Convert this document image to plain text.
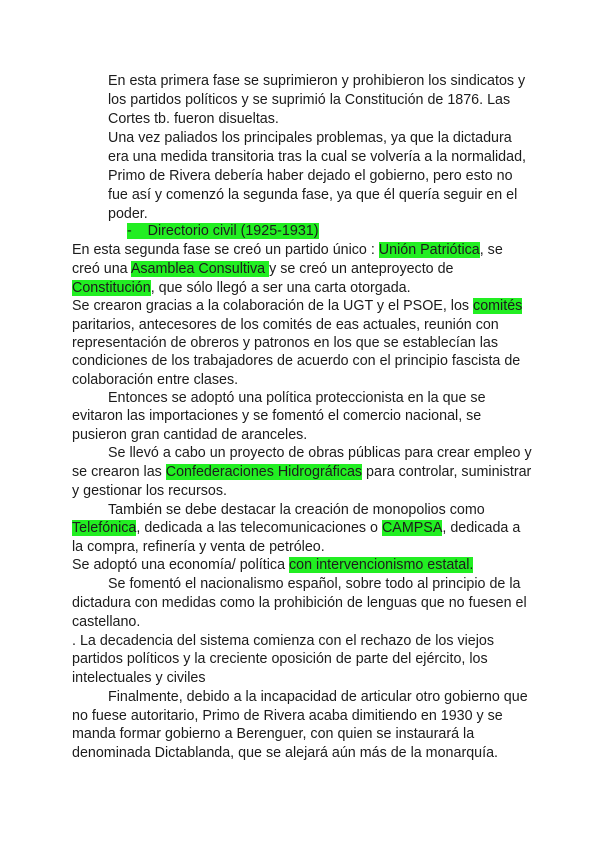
En esta primera fase se suprimieron y prohibieron los sindicatos y
los partidos políticos y se suprimió la Constitución de 1876. Las
Cortes tb. fueron disueltas.
Una vez paliados los principales problemas, ya que la dictadura
era una medida transitoria tras la cual se volvería a la normalidad,
Primo de Rivera debería haber dejado el gobierno, pero esto no
fue así y comenzó la segunda fase, ya que él quería seguir en el
poder.
-    Directorio civil (1925-1931)
En esta segunda fase se creó un partido único : Unión Patriótica, se
creó una Asamblea Consultiva y se creó un anteproyecto de
Constitución, que sólo llegó a ser una carta otorgada.
Se crearon gracias a la colaboración de la UGT y el PSOE, los comités
paritarios, antecesores de los comités de eas actuales, reunión con
representación de obreros y patronos en los que se establecían las
condiciones de los trabajadores de acuerdo con el principio fascista de
colaboración entre clases.
Entonces se adoptó una política proteccionista en la que se
evitaron las importaciones y se fomentó el comercio nacional, se
pusieron gran cantidad de aranceles.
Se llevó a cabo un proyecto de obras públicas para crear empleo y
se crearon las Confederaciones Hidrográficas para controlar, suministrar
y gestionar los recursos.
También se debe destacar la creación de monopolios como
Telefónica, dedicada a las telecomunicaciones o CAMPSA, dedicada a
la compra, refinería y venta de petróleo.
Se adoptó una economía/ política con intervencionismo estatal.
Se fomentó el nacionalismo español, sobre todo al principio de la
dictadura con medidas como la prohibición de lenguas que no fuesen el
castellano.
. La decadencia del sistema comienza con el rechazo de los viejos
partidos políticos y la creciente oposición de parte del ejército, los
intelectuales y civiles
Finalmente, debido a la incapacidad de articular otro gobierno que
no fuese autoritario, Primo de Rivera acaba dimitiendo en 1930 y se
manda formar gobierno a Berenguer, con quien se instaurará la
denominada Dictablanda, que se alejará aún más de la monarquía.
